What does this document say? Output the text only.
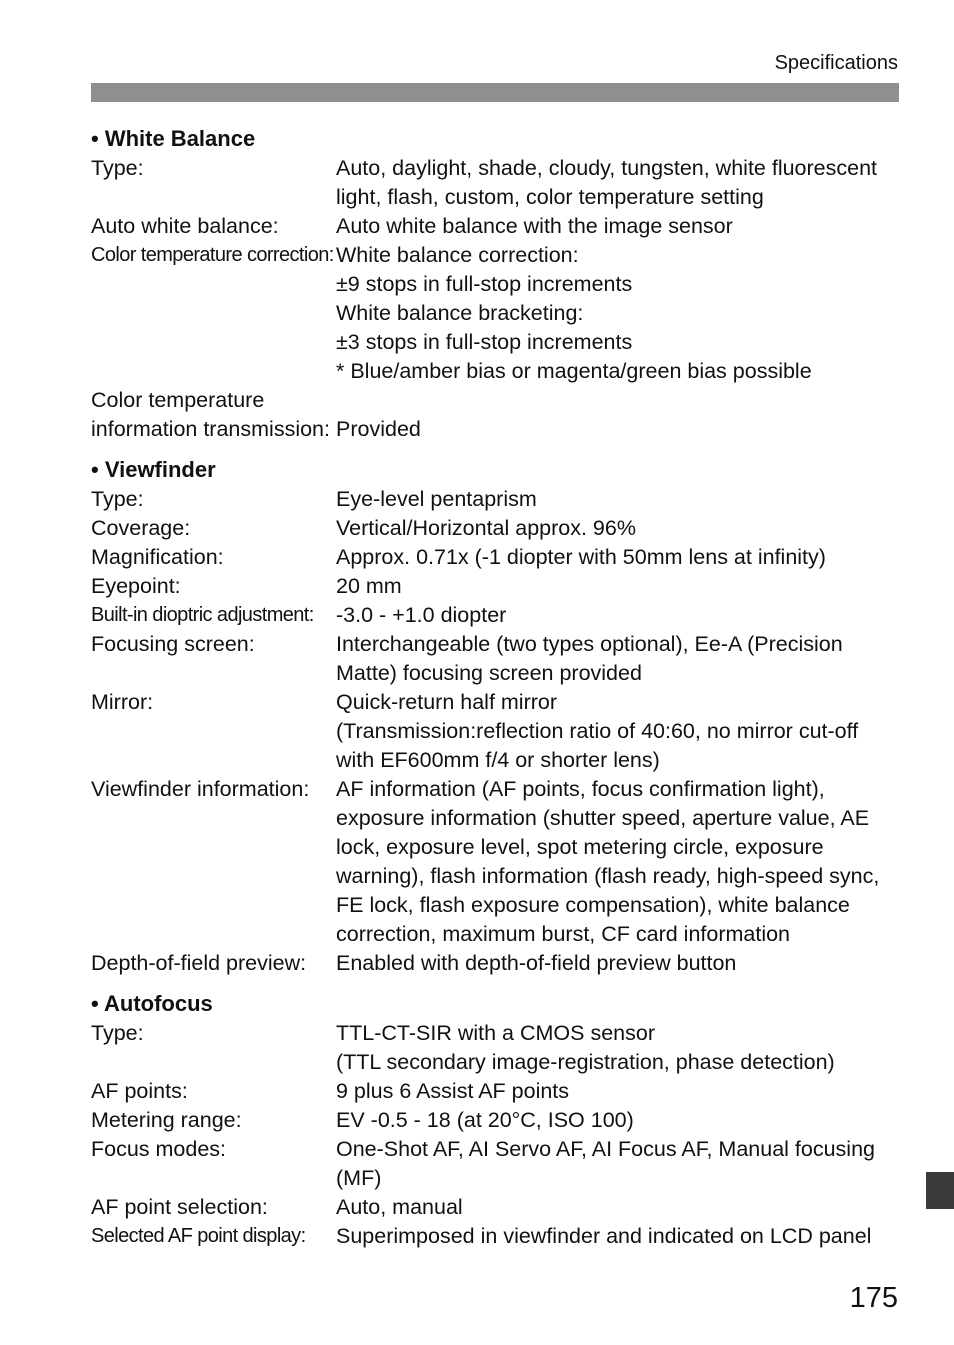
Specifications
• White Balance
Type:	Auto, daylight, shade, cloudy, tungsten, white fluorescent
light, flash, custom, color temperature setting
Auto white balance:	Auto white balance with the image sensor
Color temperature correction: White balance correction:
±9 stops in full-stop increments
White balance bracketing:
±3 stops in full-stop increments
* Blue/amber bias or magenta/green bias possible
Color temperature
information transmission:
Provided
• Viewfinder
Type:	Eye-level pentaprism
Coverage:	Vertical/Horizontal approx. 96%
Magnification:	Approx. 0.71x (-1 diopter with 50mm lens at infinity)
Eyepoint:	20 mm
Built-in dioptric adjustment:	-3.0 - +1.0 diopter
Focusing screen:	Interchangeable (two types optional), Ee-A (Precision
Matte) focusing screen provided
Mirror:	Quick-return half mirror
(Transmission:reflection ratio of 40:60, no mirror cut-off
with EF600mm f/4 or shorter lens)
Viewfinder information:	AF information (AF points, focus confirmation light),
exposure information (shutter speed, aperture value, AE
lock, exposure level, spot metering circle, exposure
warning), flash information (flash ready, high-speed sync,
FE lock, flash exposure compensation), white balance
correction, maximum burst, CF card information
Depth-of-field preview:	Enabled with depth-of-field preview button
• Autofocus
Type:	TTL-CT-SIR with a CMOS sensor
(TTL secondary image-registration, phase detection)
AF points:	9 plus 6 Assist AF points
Metering range:	EV -0.5 - 18 (at 20°C, ISO 100)
Focus modes:	One-Shot AF, AI Servo AF, AI Focus AF, Manual focusing
(MF)
AF point selection:	Auto, manual
Selected AF point display:	Superimposed in viewfinder and indicated on LCD panel
175
